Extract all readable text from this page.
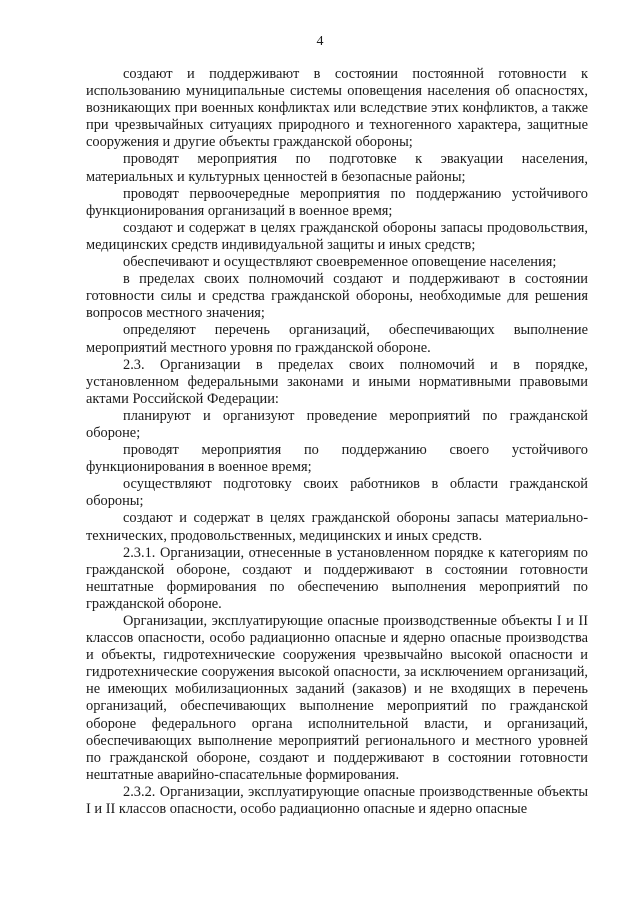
4

создают и поддерживают в состоянии постоянной готовности к использованию муниципальные системы оповещения населения об опасностях, возникающих при военных конфликтах или вследствие этих конфликтов, а также при чрезвычайных ситуациях природного и техногенного характера, защитные сооружения и другие объекты гражданской обороны;

проводят мероприятия по подготовке к эвакуации населения, материальных и культурных ценностей в безопасные районы;

проводят первоочередные мероприятия по поддержанию устойчивого функционирования организаций в военное время;

создают и содержат в целях гражданской обороны запасы продовольствия, медицинских средств индивидуальной защиты и иных средств;

обеспечивают и осуществляют своевременное оповещение населения;

в пределах своих полномочий создают и поддерживают в состоянии готовности силы и средства гражданской обороны, необходимые для решения вопросов местного значения;

определяют перечень организаций, обеспечивающих выполнение мероприятий местного уровня по гражданской обороне.

2.3. Организации в пределах своих полномочий и в порядке, установленном федеральными законами и иными нормативными правовыми актами Российской Федерации:

планируют и организуют проведение мероприятий по гражданской обороне;

проводят мероприятия по поддержанию своего устойчивого функционирования в военное время;

осуществляют подготовку своих работников в области гражданской обороны;

создают и содержат в целях гражданской обороны запасы материально-технических, продовольственных, медицинских и иных средств.

2.3.1. Организации, отнесенные в установленном порядке к категориям по гражданской обороне, создают и поддерживают в состоянии готовности нештатные формирования по обеспечению выполнения мероприятий по гражданской обороне.

Организации, эксплуатирующие опасные производственные объекты I и II классов опасности, особо радиационно опасные и ядерно опасные производства и объекты, гидротехнические сооружения чрезвычайно высокой опасности и гидротехнические сооружения высокой опасности, за исключением организаций, не имеющих мобилизационных заданий (заказов) и не входящих в перечень организаций, обеспечивающих выполнение мероприятий по гражданской обороне федерального органа исполнительной власти, и организаций, обеспечивающих выполнение мероприятий регионального и местного уровней по гражданской обороне, создают и поддерживают в состоянии готовности нештатные аварийно-спасательные формирования.

2.3.2. Организации, эксплуатирующие опасные производственные объекты I и II классов опасности, особо радиационно опасные и ядерно опасные
